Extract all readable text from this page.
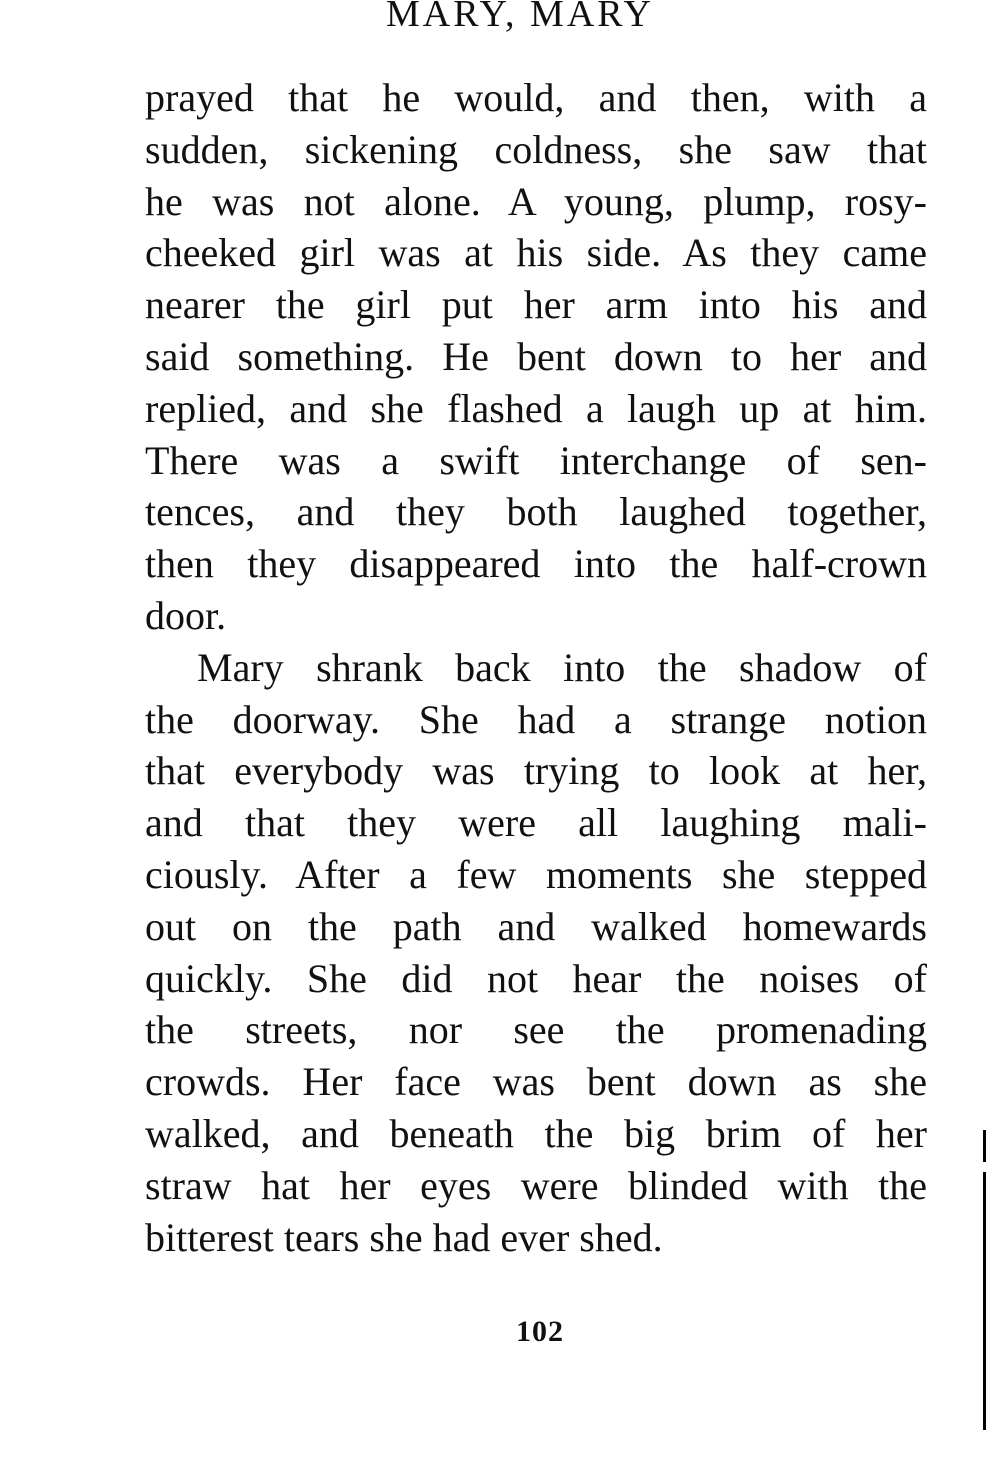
MARY, MARY
prayed that he would, and then, with a
sudden, sickening coldness, she saw that
he was not alone. A young, plump, rosy-
cheeked girl was at his side. As they came
nearer the girl put her arm into his and
said something. He bent down to her and
replied, and she flashed a laugh up at him.
There was a swift interchange of sen-
tences, and they both laughed together,
then they disappeared into the half-crown
door.
Mary shrank back into the shadow of
the doorway. She had a strange notion
that everybody was trying to look at her,
and that they were all laughing mali-
ciously. After a few moments she stepped
out on the path and walked homewards
quickly. She did not hear the noises of
the streets, nor see the promenading
crowds. Her face was bent down as she
walked, and beneath the big brim of her
straw hat her eyes were blinded with the
bitterest tears she had ever shed.
102
